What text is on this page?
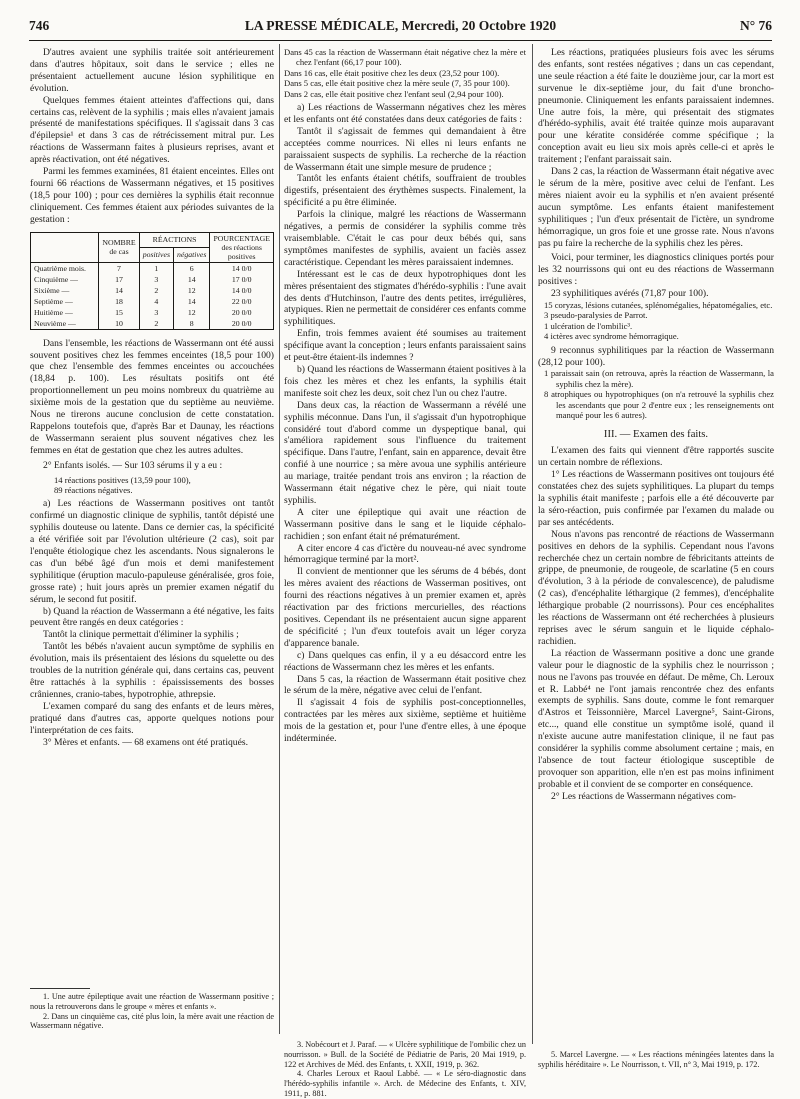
746	LA PRESSE MÉDICALE, Mercredi, 20 Octobre 1920	N° 76

D'autres avaient une syphilis traitée soit antérieurement dans d'autres hôpitaux, soit dans le service ; elles ne présentaient actuellement aucune lésion syphilitique en évolution.

Quelques femmes étaient atteintes d'affections qui, dans certains cas, relèvent de la syphilis ; mais elles n'avaient jamais présenté de manifestations spécifiques. Il s'agissait dans 3 cas d'épilepsie¹ et dans 3 cas de rétrécissement mitral pur. Les réactions de Wassermann faites à plusieurs reprises, avant et après réactivation, ont été négatives.

Parmi les femmes examinées, 81 étaient enceintes. Elles ont fourni 66 réactions de Wassermann négatives, et 15 positives (18,5 pour 100) ; pour ces dernières la syphilis était reconnue cliniquement. Ces femmes étaient aux périodes suivantes de la gestation :

	NOMBRE de cas	RÉACTIONS		POURCENTAGE des réactions positives
		positives	négatives	
Quatrième mois.	7	1	6	14 0/0
Cinquième —	17	3	14	17 0/0
Sixième —	14	2	12	14 0/0
Septième —	18	4	14	22 0/0
Huitième —	15	3	12	20 0/0
Neuvième —	10	2	8	20 0/0

Dans l'ensemble, les réactions de Wassermann ont été aussi souvent positives chez les femmes enceintes (18,5 pour 100) que chez l'ensemble des femmes enceintes ou accouchées (18,84 p. 100). Les résultats positifs ont été proportionnellement un peu moins nombreux du quatrième au sixième mois de la gestation que du septième au neuvième. Nous ne tirerons aucune conclusion de cette constatation. Rappelons toutefois que, d'après Bar et Daunay, les réactions de Wassermann seraient plus souvent négatives chez les femmes en état de gestation que chez les autres adultes.

2° Enfants isolés. — Sur 103 sérums il y a eu :

14 réactions positives (13,59 pour 100),

89 réactions négatives.

a) Les réactions de Wassermann positives ont tantôt confirmé un diagnostic clinique de syphilis, tantôt dépisté une syphilis douteuse ou latente. Dans ce dernier cas, la spécificité a été vérifiée soit par l'évolution ultérieure (2 cas), soit par l'enquête étiologique chez les ascendants. Nous signalerons le cas d'un bébé âgé d'un mois et demi manifestement syphilitique (éruption maculo-papuleuse généralisée, gros foie, grosse rate) ; huit jours après un premier examen négatif du sérum, le second fut positif.

b) Quand la réaction de Wassermann a été négative, les faits peuvent être rangés en deux catégories :

Tantôt la clinique permettait d'éliminer la syphilis ;

Tantôt les bébés n'avaient aucun symptôme de syphilis en évolution, mais ils présentaient des lésions du squelette ou des troubles de la nutrition générale qui, dans certains cas, peuvent être rattachés à la syphilis : épaississements des bosses crâniennes, cranio-tabes, hypotrophie, athrepsie.

L'examen comparé du sang des enfants et de leurs mères, pratiqué dans d'autres cas, apporte quelques notions pour l'interprétation de ces faits.

3° Mères et enfants. — 68 examens ont été pratiqués.

Dans 45 cas la réaction de Wassermann était négative chez la mère et chez l'enfant (66,17 pour 100).

Dans 16 cas, elle était positive chez les deux (23,52 pour 100).

Dans 5 cas, elle était positive chez la mère seule (7, 35 pour 100).

Dans 2 cas, elle était positive chez l'enfant seul (2,94 pour 100).

a) Les réactions de Wassermann négatives chez les mères et les enfants ont été constatées dans deux catégories de faits :

Tantôt il s'agissait de femmes qui demandaient à être acceptées comme nourrices. Ni elles ni leurs enfants ne paraissaient suspects de syphilis. La recherche de la réaction de Wassermann était une simple mesure de prudence ;

Tantôt les enfants étaient chétifs, souffraient de troubles digestifs, présentaient des érythèmes suspects. Finalement, la spécificité a pu être éliminée.

Parfois la clinique, malgré les réactions de Wassermann négatives, a permis de considérer la syphilis comme très vraisemblable. C'était le cas pour deux bébés qui, sans symptômes manifestes de syphilis, avaient un faciès assez caractéristique. Cependant les mères paraissaient indemnes.

Intéressant est le cas de deux hypotrophiques dont les mères présentaient des stigmates d'hérédo-syphilis : l'une avait des dents d'Hutchinson, l'autre des dents petites, irrégulières, atypiques. Rien ne permettait de considérer ces enfants comme syphilitiques.

Enfin, trois femmes avaient été soumises au traitement spécifique avant la conception ; leurs enfants paraissaient sains et peut-être étaient-ils indemnes ?

b) Quand les réactions de Wassermann étaient positives à la fois chez les mères et chez les enfants, la syphilis était manifeste soit chez les deux, soit chez l'un ou chez l'autre.

Dans deux cas, la réaction de Wassermann a révélé une syphilis méconnue. Dans l'un, il s'agissait d'un hypotrophique considéré tout d'abord comme un dyspeptique banal, qui s'améliora rapidement sous l'influence du traitement spécifique. Dans l'autre, l'enfant, sain en apparence, devait être confié à une nourrice ; sa mère avoua une syphilis antérieure au mariage, traitée pendant trois ans environ ; la réaction de Wassermann était négative chez le père, qui niait toute syphilis.

A citer une épileptique qui avait une réaction de Wassermann positive dans le sang et le liquide céphalo-rachidien ; son enfant était né prématurément.

A citer encore 4 cas d'ictère du nouveau-né avec syndrome hémorragique terminé par la mort².

Il convient de mentionner que les sérums de 4 bébés, dont les mères avaient des réactions de Wasserman positives, ont fourni des réactions négatives à un premier examen et, après réactivation par des frictions mercurielles, des réactions positives. Cependant ils ne présentaient aucun signe apparent de spécificité ; l'un d'eux toutefois avait un léger coryza d'apparence banale.

c) Dans quelques cas enfin, il y a eu désaccord entre les réactions de Wassermann chez les mères et les enfants.

Dans 5 cas, la réaction de Wassermann était positive chez le sérum de la mère, négative avec celui de l'enfant.

Il s'agissait 4 fois de syphilis post-conceptionnelles, contractées par les mères aux sixième, septième et huitième mois de la gestation et, pour l'une d'entre elles, à une époque indéterminée.

Les réactions, pratiquées plusieurs fois avec les sérums des enfants, sont restées négatives ; dans un cas cependant, une seule réaction a été faite le douzième jour, car la mort est survenue le dix-septième jour, du fait d'une broncho-pneumonie. Cliniquement les enfants paraissaient indemnes. Une autre fois, la mère, qui présentait des stigmates d'hérédo-syphilis, avait été traitée quinze mois auparavant pour une kératite considérée comme spécifique ; la conception avait eu lieu six mois après celle-ci et après le traitement ; l'enfant paraissait sain.

Dans 2 cas, la réaction de Wassermann était négative avec le sérum de la mère, positive avec celui de l'enfant. Les mères niaient avoir eu la syphilis et n'en avaient présenté aucun symptôme. Les enfants étaient manifestement syphilitiques ; l'un d'eux présentait de l'ictère, un syndrome hémorragique, un gros foie et une grosse rate. Nous n'avons pas pu faire la recherche de la syphilis chez les pères.

Voici, pour terminer, les diagnostics cliniques portés pour les 32 nourrissons qui ont eu des réactions de Wassermann positives :

23 syphilitiques avérés (71,87 pour 100).

15 coryzas, lésions cutanées, splénomégalies, hépatomégalies, etc.

3 pseudo-paralysies de Parrot.

1 ulcération de l'ombilic³.

4 ictères avec syndrome hémorragique.

9 reconnus syphilitiques par la réaction de Wassermann (28,12 pour 100).

1 paraissait sain (on retrouva, après la réaction de Wassermann, la syphilis chez la mère).

8 atrophiques ou hypotrophiques (on n'a retrouvé la syphilis chez les ascendants que pour 2 d'entre eux ; les renseignements ont manqué pour les 6 autres).

III. — Examen des faits.

L'examen des faits qui viennent d'être rapportés suscite un certain nombre de réflexions.

1° Les réactions de Wassermann positives ont toujours été constatées chez des sujets syphilitiques. La plupart du temps la syphilis était manifeste ; parfois elle a été découverte par la séro-réaction, puis confirmée par l'examen du malade ou par ses antécédents.

Nous n'avons pas rencontré de réactions de Wassermann positives en dehors de la syphilis. Cependant nous l'avons recherchée chez un certain nombre de fébricitants atteints de grippe, de pneumonie, de rougeole, de scarlatine (5 en cours d'évolution, 3 à la période de convalescence), de paludisme (2 cas), d'encéphalite léthargique (2 femmes), d'encéphalite léthargique probable (2 nourrissons). Pour ces encéphalites les réactions de Wassermann ont été recherchées à plusieurs reprises avec le sérum sanguin et le liquide céphalo-rachidien.

La réaction de Wassermann positive a donc une grande valeur pour le diagnostic de la syphilis chez le nourrisson ; nous ne l'avons pas trouvée en défaut. De même, Ch. Leroux et R. Labbé⁴ ne l'ont jamais rencontrée chez des enfants exempts de syphilis. Sans doute, comme le font remarquer d'Astros et Teissonnière, Marcel Lavergne⁵, Saint-Girons, etc..., quand elle constitue un symptôme isolé, quand il n'existe aucune autre manifestation clinique, il ne faut pas considérer la syphilis comme absolument certaine ; mais, en l'absence de tout facteur étiologique susceptible de provoquer son apparition, elle n'en est pas moins infiniment probable et il convient de se comporter en conséquence.

2° Les réactions de Wassermann négatives com-

1. Une autre épileptique avait une réaction de Wassermann positive ; nous la retrouverons dans le groupe « mères et enfants ».

2. Dans un cinquième cas, cité plus loin, la mère avait une réaction de Wassermann négative.

3. Nobécourt et J. Paraf. — « Ulcère syphilitique de l'ombilic chez un nourrisson. » Bull. de la Société de Pédiatrie de Paris, 20 Mai 1919, p. 122 et Archives de Méd. des Enfants, t. XXII, 1919, p. 362.

4. Charles Leroux et Raoul Labbé. — « Le séro-diagnostic dans l'hérédo-syphilis infantile ». Arch. de Médecine des Enfants, t. XIV, 1911, p. 881.

5. Marcel Lavergne. — « Les réactions méningées latentes dans la syphilis héréditaire ». Le Nourrisson, t. VII, n° 3, Mai 1919, p. 172.
